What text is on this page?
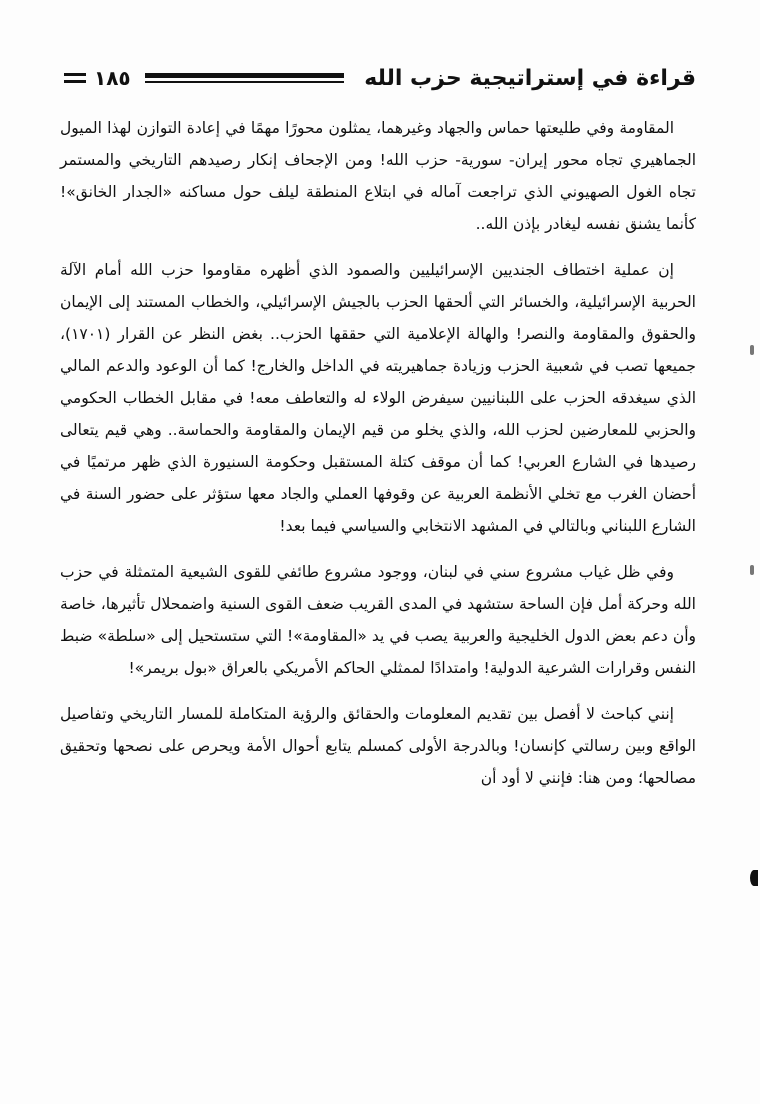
قراءة في إستراتيجية حزب الله
١٨٥

المقاومة وفي طليعتها حماس والجهاد وغيرهما، يمثلون محورًا مهمًا في إعادة التوازن لهذا الميول الجماهيري تجاه محور إيران- سورية- حزب الله! ومن الإجحاف إنكار رصيدهم التاريخي والمستمر تجاه الغول الصهيوني الذي تراجعت آماله في ابتلاع المنطقة ليلف حول مساكنه «الجدار الخانق»! كأنما يشنق نفسه ليغادر بإذن الله..

إن عملية اختطاف الجنديين الإسرائيليين والصمود الذي أظهره مقاوموا حزب الله أمام الآلة الحربية الإسرائيلية، والخسائر التي ألحقها الحزب بالجيش الإسرائيلي، والخطاب المستند إلى الإيمان والحقوق والمقاومة والنصر! والهالة الإعلامية التي حققها الحزب.. بغض النظر عن القرار (١٧٠١)، جميعها تصب في شعبية الحزب وزيادة جماهيريته في الداخل والخارج! كما أن الوعود والدعم المالي الذي سيغدقه الحزب على اللبنانيين سيفرض الولاء له والتعاطف معه! في مقابل الخطاب الحكومي والحزبي للمعارضين لحزب الله، والذي يخلو من قيم الإيمان والمقاومة والحماسة.. وهي قيم يتعالى رصيدها في الشارع العربي! كما أن موقف كتلة المستقبل وحكومة السنيورة الذي ظهر مرتميًا في أحضان الغرب مع تخلي الأنظمة العربية عن وقوفها العملي والجاد معها ستؤثر على حضور السنة في الشارع اللبناني وبالتالي في المشهد الانتخابي والسياسي فيما بعد!

وفي ظل غياب مشروع سني في لبنان، ووجود مشروع طائفي للقوى الشيعية المتمثلة في حزب الله وحركة أمل فإن الساحة ستشهد في المدى القريب ضعف القوى السنية واضمحلال تأثيرها، خاصة وأن دعم بعض الدول الخليجية والعربية يصب في يد «المقاومة»! التي ستستحيل إلى «سلطة» ضبط النفس وقرارات الشرعية الدولية! وامتدادًا لممثلي الحاكم الأمريكي بالعراق «بول بريمر»!

إنني كباحث لا أفصل بين تقديم المعلومات والحقائق والرؤية المتكاملة للمسار التاريخي وتفاصيل الواقع وبين رسالتي كإنسان! وبالدرجة الأولى كمسلم يتابع أحوال الأمة ويحرص على نصحها وتحقيق مصالحها؛ ومن هنا: فإنني لا أود أن
